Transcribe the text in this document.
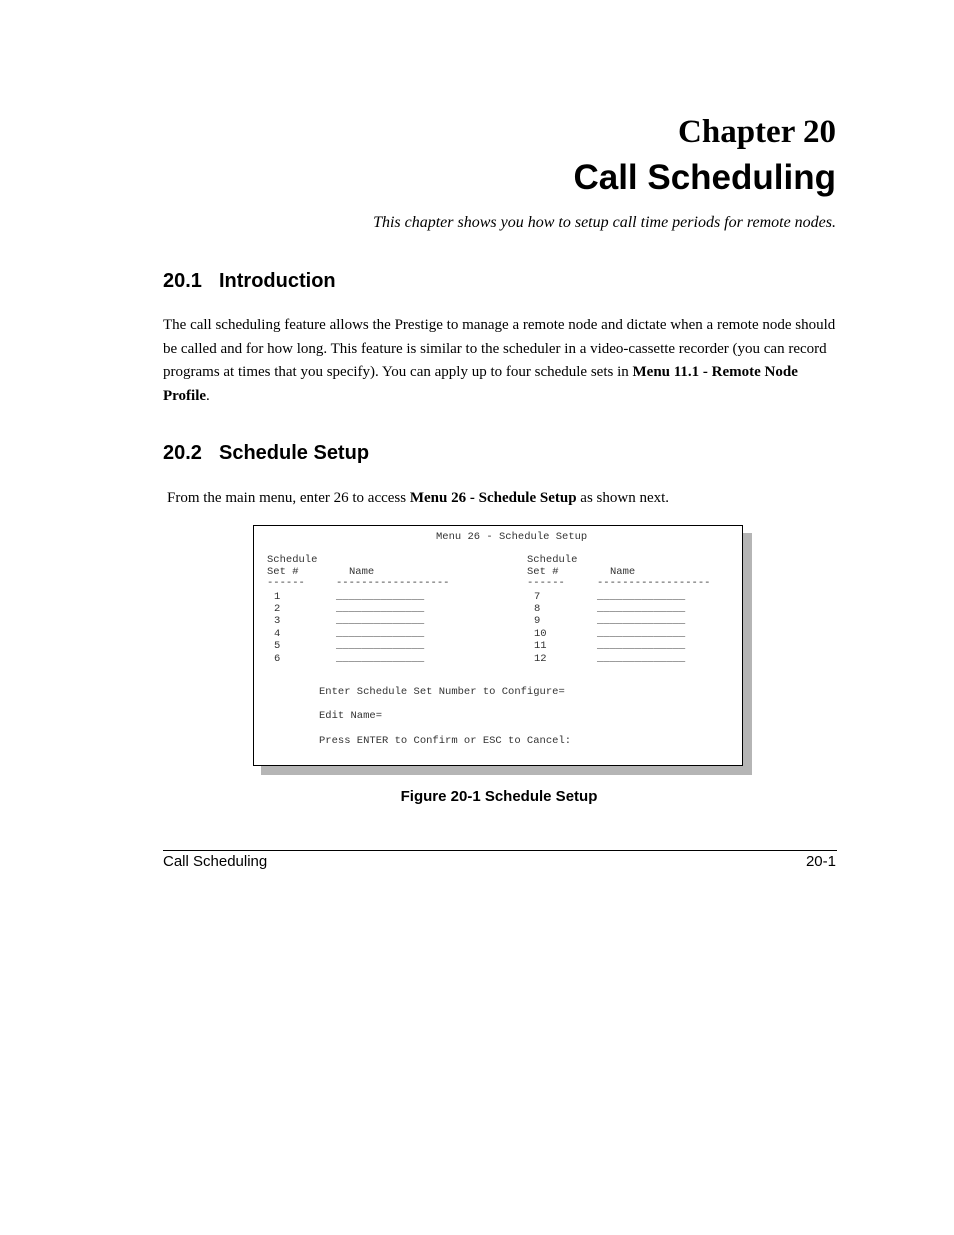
Chapter 20
Call Scheduling

This chapter shows you how to setup call time periods for remote nodes.

20.1 Introduction

The call scheduling feature allows the Prestige to manage a remote node and dictate when a remote node should be called and for how long. This feature is similar to the scheduler in a video-cassette recorder (you can record programs at times that you specify). You can apply up to four schedule sets in Menu 11.1 - Remote Node Profile.

20.2 Schedule Setup

From the main menu, enter 26 to access Menu 26 - Schedule Setup as shown next.

Menu 26 - Schedule Setup

Schedule

Set #	Name

------	------------------

1	______________

2	______________

3	______________

4	______________

5	______________

6	______________

Schedule

Set #	Name

------	------------------

7	______________

8	______________

9	______________

10	______________

11	______________

12	______________

Enter Schedule Set Number to Configure=

Edit Name=

Press ENTER to Confirm or ESC to Cancel:

Figure 20-1 Schedule Setup

Call Scheduling	20-1
